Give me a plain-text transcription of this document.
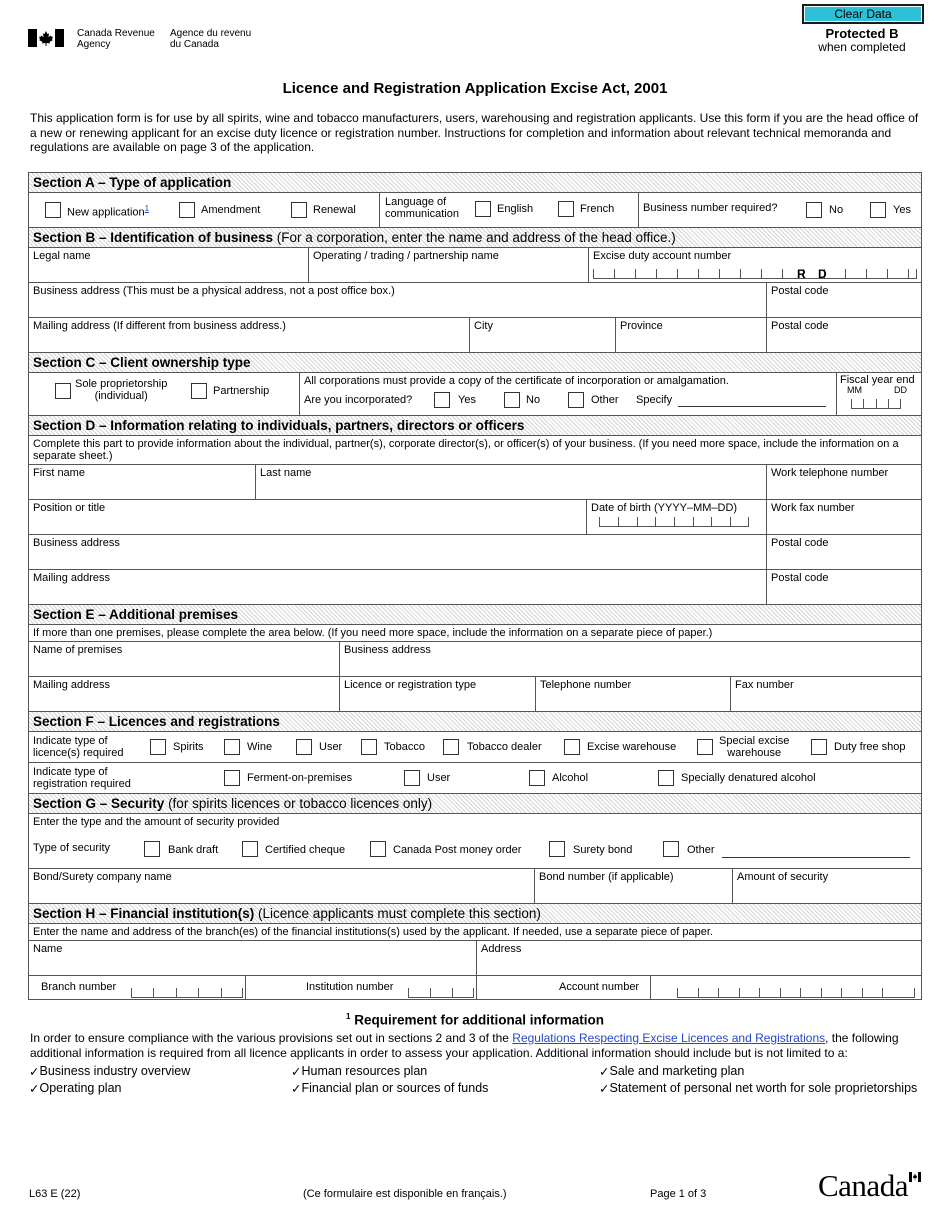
Canada Revenue
Agency
Agence du revenu
du Canada
Clear Data
Protected B
when completed
Licence and Registration Application Excise Act, 2001
This application form is for use by all spirits, wine and tobacco manufacturers, users, warehousing and registration applicants. Use this form if you are the head office of a new or renewing applicant for an excise duty licence or registration number. Instructions for completion and information about relevant technical memoranda and regulations are available on page 3 of the application.
Section A – Type of application
New application$^1$	Amendment	Renewal
Language of
communication	English	French	Business number required?	No	Yes
Section B – Identification of business (For a corporation, enter the name and address of the head office.)
Legal name	Operating / trading / partnership name	Excise duty account number
R D
Business address (This must be a physical address, not a post office box.)	Postal code
Mailing address (If different from business address.)	City	Province	Postal code
Section C – Client ownership type
Sole proprietorship
(individual)	Partnership
All corporations must provide a copy of the certificate of incorporation or amalgamation.
Are you incorporated?	Yes	No	Other Specify
Fiscal year end
MM	DD
Section D – Information relating to individuals, partners, directors or officers
Complete this part to provide information about the individual, partner(s), corporate director(s), or officer(s) of your business. (If you need more space, include the information on a separate sheet.)
First name	Last name	Work telephone number
Position or title	Date of birth (YYYY–MM–DD)	Work fax number
Business address	Postal code
Mailing address	Postal code
Section E – Additional premises
If more than one premises, please complete the area below. (If you need more space, include the information on a separate piece of paper.)
Name of premises	Business address
Mailing address	Licence or registration type	Telephone number	Fax number
Section F – Licences and registrations
Indicate type of
licence(s) required	Spirits	Wine	User	Tobacco	Tobacco dealer	Excise warehouse	Special excise
warehouse	Duty free shop
Indicate type of
registration required	Ferment-on-premises	User	Alcohol	Specially denatured alcohol
Section G – Security (for spirits licences or tobacco licences only)
Enter the type and the amount of security provided
Type of security	Bank draft	Certified cheque	Canada Post money order	Surety bond	Other
Bond/Surety company name	Bond number (if applicable)	Amount of security
Section H – Financial institution(s) (Licence applicants must complete this section)
Enter the name and address of the branch(es) of the financial institutions(s) used by the applicant. If needed, use a separate piece of paper.
Name	Address
Branch number	Institution number	Account number
$^1$ Requirement for additional information
In order to ensure compliance with the various provisions set out in sections 2 and 3 of the Regulations Respecting Excise Licences and Registrations, the following additional information is required from all licence applicants in order to assess your application. Additional information should include but is not limited to a:
✓ Business industry overview
✓ Operating plan
✓ Human resources plan
✓ Financial plan or sources of funds
✓ Sale and marketing plan
✓ Statement of personal net worth for sole proprietorships
L63 E (22)	(Ce formulaire est disponible en français.)	Page 1 of 3	Canada
